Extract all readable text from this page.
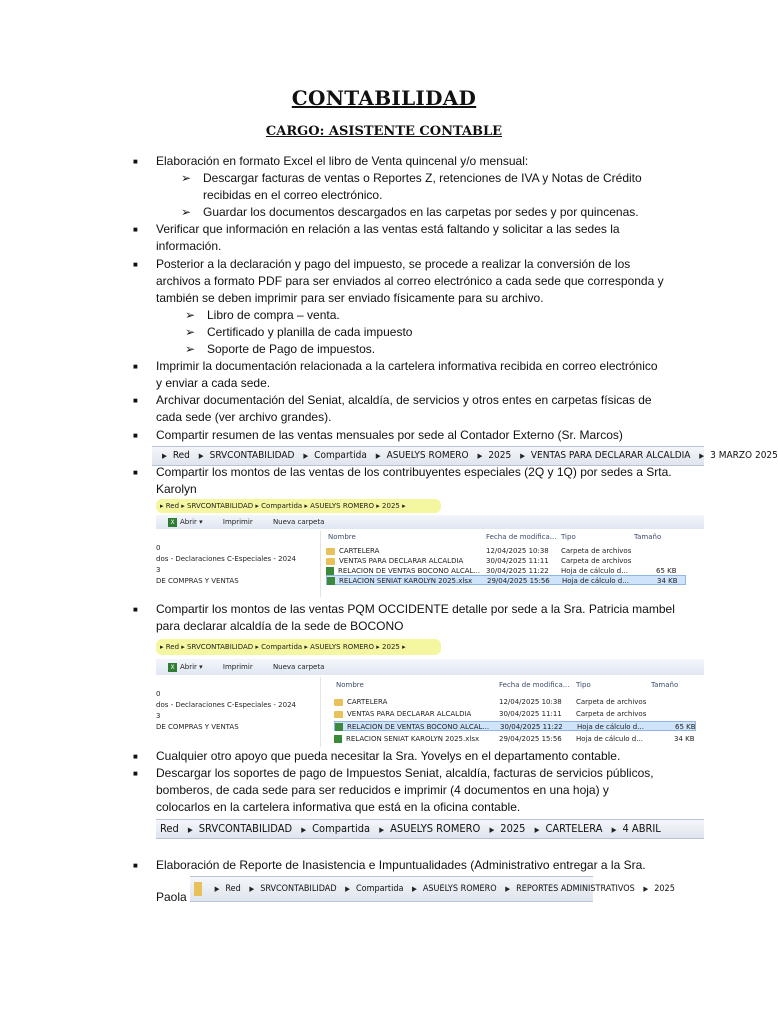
CONTABILIDAD
CARGO: ASISTENTE CONTABLE
■ Elaboración en formato Excel el libro de Venta quincenal y/o mensual:
➢ Descargar facturas de ventas o Reportes Z, retenciones de IVA y Notas de Crédito
recibidas en el correo electrónico.
➢ Guardar los documentos descargados en las carpetas por sedes y por quincenas.
■ Verificar que información en relación a las ventas está faltando y solicitar a las sedes la
información.
■ Posterior a la declaración y pago del impuesto, se procede a realizar la conversión de los
archivos a formato PDF para ser enviados al correo electrónico a cada sede que corresponda y
también se deben imprimir para ser enviado físicamente para su archivo.
➢ Libro de compra – venta.
➢ Certificado y planilla de cada impuesto
➢ Soporte de Pago de impuestos.
■ Imprimir la documentación relacionada a la cartelera informativa recibida en correo electrónico
y enviar a cada sede.
■ Archivar documentación del Seniat, alcaldía, de servicios y otros entes en carpetas físicas de
cada sede (ver archivo grandes).
■ Compartir resumen de las ventas mensuales por sede al Contador Externo (Sr. Marcos)
▶ Red ▶ SRVCONTABILIDAD ▶ Compartida ▶ ASUELYS ROMERO ▶ 2025 ▶ VENTAS PARA DECLARAR ALCALDIA ▶ 3 MARZO 2025
■ Compartir los montos de las ventas de los contribuyentes especiales (2Q y 1Q) por sedes a Srta.
Karolyn
▸ Red ▸ SRVCONTABILIDAD ▸ Compartida ▸ ASUELYS ROMERO ▸ 2025 ▸
X Abrir ▾	Imprimir	Nueva carpeta
0
dos - Declaraciones C-Especiales - 2024
3
DE COMPRAS Y VENTAS
Nombre	Fecha de modifica... Tipo	Tamaño
CARTELERA	12/04/2025 10:38 Carpeta de archivos
VENTAS PARA DECLARAR ALCALDIA	30/04/2025 11:11 Carpeta de archivos
RELACION DE VENTAS BOCONO ALCAL... 30/04/2025 11:22 Hoja de cálculo d...	65 KB
RELACION SENIAT KAROLYN 2025.xlsx 29/04/2025 15:56 Hoja de cálculo d...	34 KB
■ Compartir los montos de las ventas PQM OCCIDENTE detalle por sede a la Sra. Patricia mambel
para declarar alcaldía de la sede de BOCONO
▸ Red ▸ SRVCONTABILIDAD ▸ Compartida ▸ ASUELYS ROMERO ▸ 2025 ▸
X Abrir ▾	Imprimir	Nueva carpeta
0
dos - Declaraciones C-Especiales - 2024
3
DE COMPRAS Y VENTAS
Nombre	Fecha de modifica... Tipo	Tamaño
CARTELERA	12/04/2025 10:38 Carpeta de archivos
VENTAS PARA DECLARAR ALCALDIA	30/04/2025 11:11 Carpeta de archivos
RELACION DE VENTAS BOCONO ALCAL... 30/04/2025 11:22 Hoja de cálculo d...	65 KB
RELACION SENIAT KAROLYN 2025.xlsx	29/04/2025 15:56 Hoja de cálculo d...	34 KB
■ Cualquier otro apoyo que pueda necesitar la Sra. Yovelys en el departamento contable.
■ Descargar los soportes de pago de Impuestos Seniat, alcaldía, facturas de servicios públicos,
bomberos, de cada sede para ser reducidos e imprimir (4 documentos en una hoja) y
colocarlos en la cartelera informativa que está en la oficina contable.
Red ▶ SRVCONTABILIDAD ▶ Compartida ▶ ASUELYS ROMERO ▶ 2025 ▶ CARTELERA ▶ 4 ABRIL
■ Elaboración de Reporte de Inasistencia e Impuntualidades (Administrativo entregar a la Sra.
Paola
▶ Red ▶ SRVCONTABILIDAD ▶ Compartida ▶ ASUELYS ROMERO ▶ REPORTES ADMINISTRATIVOS ▶ 2025
